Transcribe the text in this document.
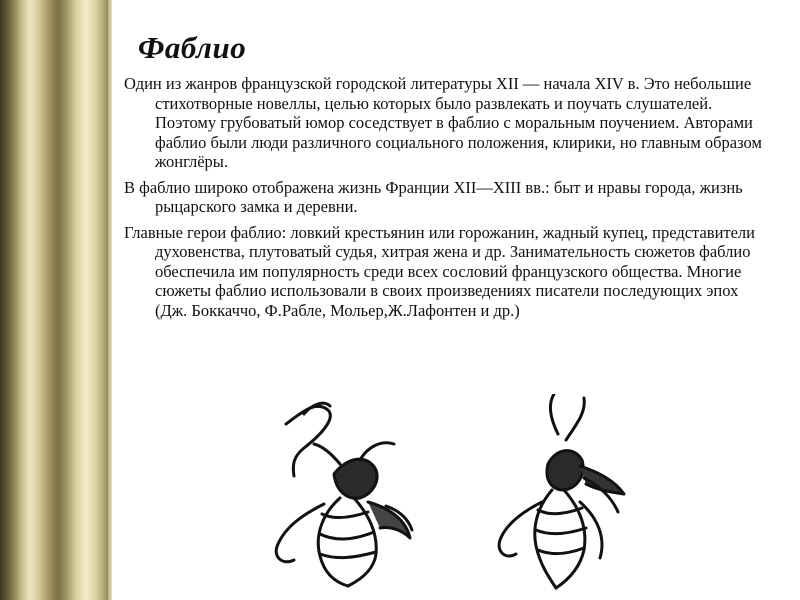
Фаблио

Один из жанров французской городской литературы XII — начала XIV в. Это небольшие стихотворные новеллы, целью которых было развлекать и поучать слушателей. Поэтому грубоватый юмор соседствует в фаблио с моральным поучением. Авторами фаблио были люди различного социального положения, клирики, но главным образом жонглёры.

В фаблио широко отображена жизнь Франции XII—XIII вв.: быт и нравы города, жизнь рыцарского замка и деревни.

Главные герои фаблио: ловкий крестьянин или горожанин, жадный купец, представители духовенства, плутоватый судья, хитрая жена и др. Занимательность сюжетов фаблио обеспечила им популярность среди всех сословий французского общества. Многие сюжеты фаблио использовали в своих произведениях писатели последующих эпох (Дж. Боккаччо, Ф.Рабле, Мольер,Ж.Лафонтен и др.)
